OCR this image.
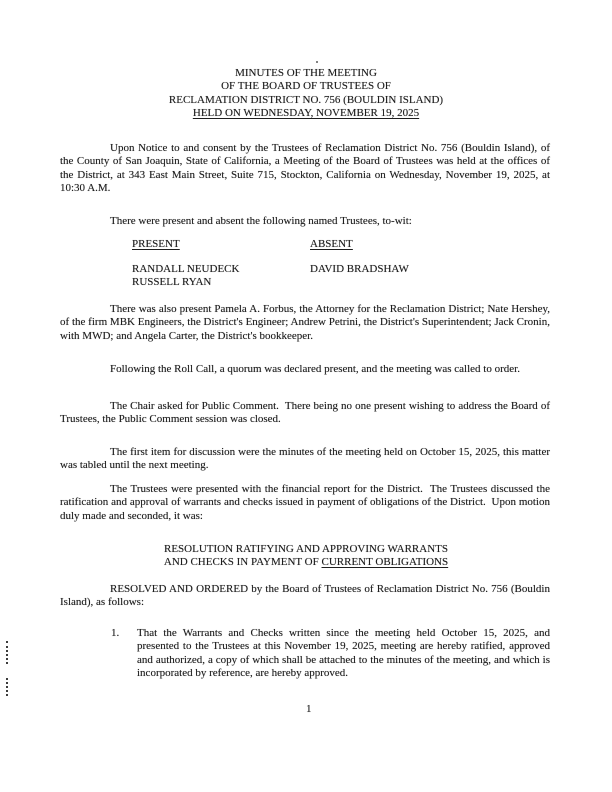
MINUTES OF THE MEETING
OF THE BOARD OF TRUSTEES OF
RECLAMATION DISTRICT NO. 756 (BOULDIN ISLAND)
HELD ON WEDNESDAY, NOVEMBER 19, 2025

Upon Notice to and consent by the Trustees of Reclamation District No. 756 (Bouldin Island), of the County of San Joaquin, State of California, a Meeting of the Board of Trustees was held at the offices of the District, at 343 East Main Street, Suite 715, Stockton, California on Wednesday, November 19, 2025, at 10:30 A.M.

There were present and absent the following named Trustees, to-wit:

PRESENT	ABSENT
RANDALL NEUDECK
RUSSELL RYAN
DAVID BRADSHAW

There was also present Pamela A. Forbus, the Attorney for the Reclamation District; Nate Hershey, of the firm MBK Engineers, the District's Engineer; Andrew Petrini, the District's Superintendent; Jack Cronin, with MWD; and Angela Carter, the District's bookkeeper.

Following the Roll Call, a quorum was declared present, and the meeting was called to order.

The Chair asked for Public Comment.  There being no one present wishing to address the Board of Trustees, the Public Comment session was closed.

The first item for discussion were the minutes of the meeting held on October 15, 2025, this matter was tabled until the next meeting.

The Trustees were presented with the financial report for the District.  The Trustees discussed the ratification and approval of warrants and checks issued in payment of obligations of the District.  Upon motion duly made and seconded, it was:

RESOLUTION RATIFYING AND APPROVING WARRANTS
AND CHECKS IN PAYMENT OF CURRENT OBLIGATIONS

RESOLVED AND ORDERED by the Board of Trustees of Reclamation District No. 756 (Bouldin Island), as follows:

1. That the Warrants and Checks written since the meeting held October 15, 2025, and presented to the Trustees at this November 19, 2025, meeting are hereby ratified, approved and authorized, a copy of which shall be attached to the minutes of the meeting, and which is incorporated by reference, are hereby approved.
1
